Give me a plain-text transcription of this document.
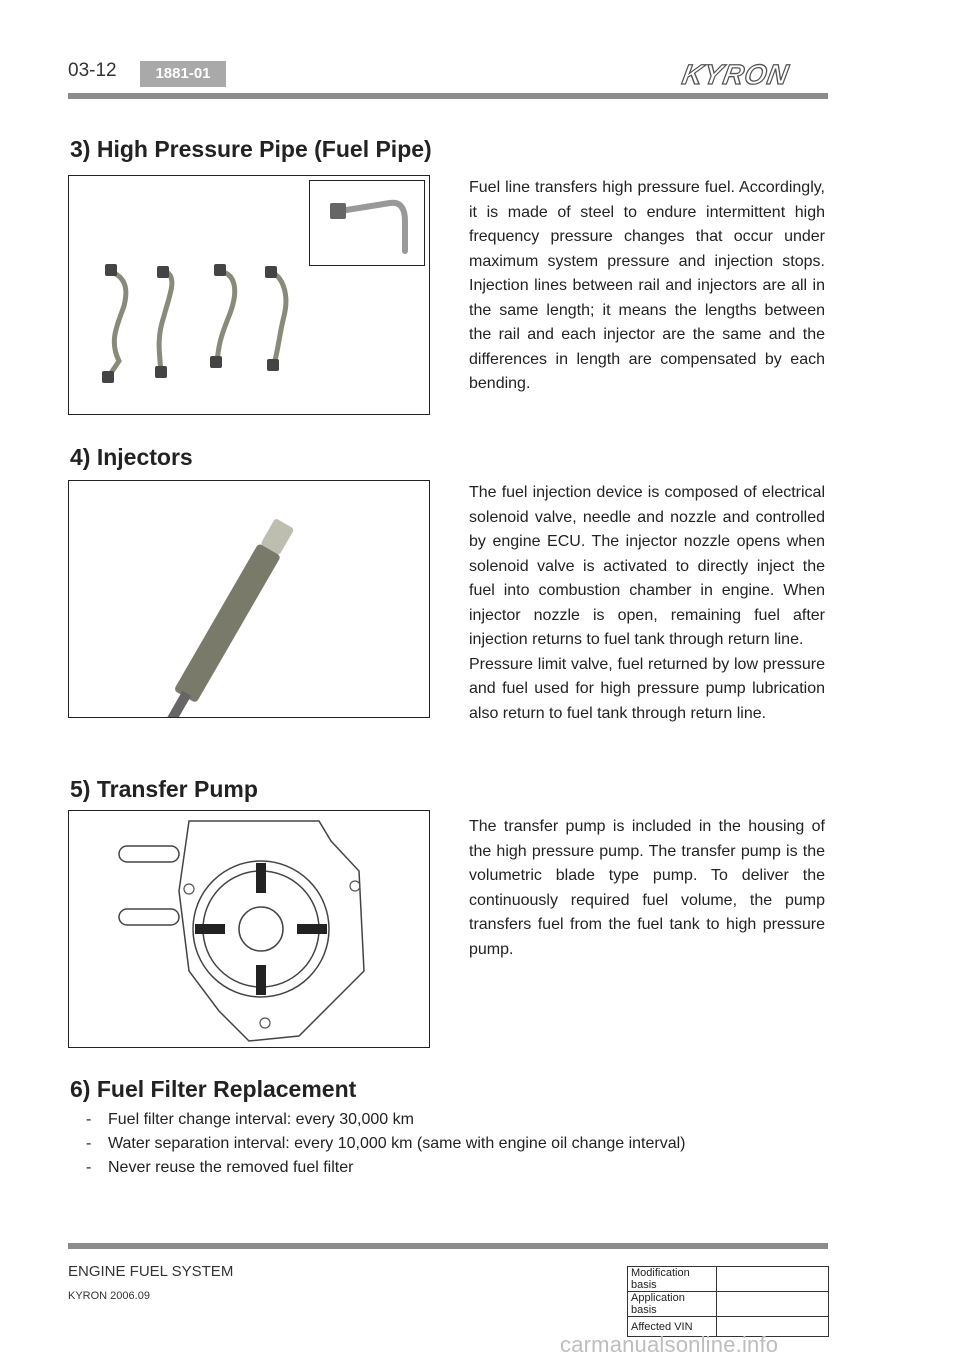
03-12	1881-01	KYRON
3) High Pressure Pipe (Fuel Pipe)

Fuel line transfers high pressure fuel. Accordingly, it is made of steel to endure intermittent high frequency pressure changes that occur under maximum system pressure and injection stops. Injection lines between rail and injectors are all in the same length; it means the lengths between the rail and each injector are the same and the differences in length are compensated by each bending.

4) Injectors

The fuel injection device is composed of electrical solenoid valve, needle and nozzle and controlled by engine ECU. The injector nozzle opens when solenoid valve is activated to directly inject the fuel into combustion chamber in engine. When injector nozzle is open, remaining fuel after injection returns to fuel tank through return line.

Pressure limit valve, fuel returned by low pressure and fuel used for high pressure pump lubrication also return to fuel tank through return line.

5) Transfer Pump

The transfer pump is included in the housing of the high pressure pump. The transfer pump is the volumetric blade type pump. To deliver the continuously required fuel volume, the pump transfers fuel from the fuel tank to high pressure pump.

6) Fuel Filter Replacement
- Fuel filter change interval: every 30,000 km
- Water separation interval: every 10,000 km (same with engine oil change interval)
- Never reuse the removed fuel filter
ENGINE FUEL SYSTEM
KYRON 2006.09
Modification basis	
Application basis	
Affected VIN	
carmanualsonline.info
